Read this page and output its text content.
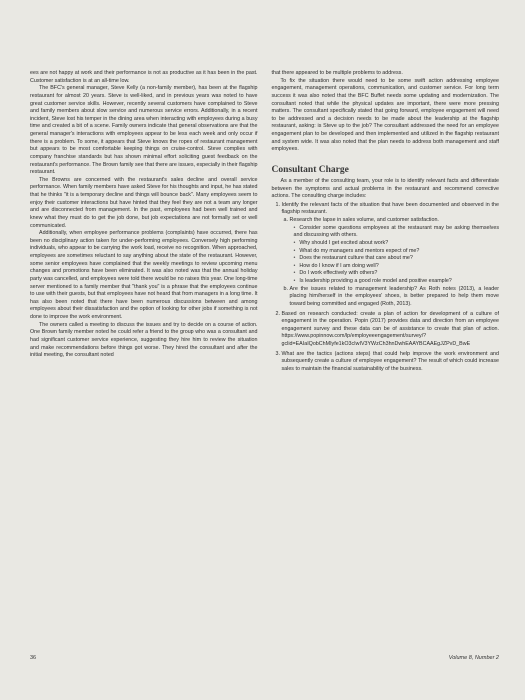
ees are not happy at work and their performance is not as productive as it has been in the past. Customer satisfaction is at an all-time low.

The BFC's general manager, Steve Kelly (a non-family member), has been at the flagship restaurant for almost 20 years. Steve is well-liked, and in previous years was noted to have great customer service skills. However, recently several customers have complained to Steve and family members about slow service and numerous service errors. Additionally, in a recent incident, Steve lost his temper in the dining area when interacting with employees during a busy time and created a bit of a scene. Family owners indicate that general observations are that the general manager's interactions with employees appear to be less each week and only occur if there is a problem. To some, it appears that Steve knows the ropes of restaurant management but appears to be most comfortable keeping things on cruise-control. Steve complies with company franchise standards but has shown minimal effort soliciting guest feedback on the restaurant's performance. The Brown family see that there are issues, especially in their flagship restaurant.

The Browns are concerned with the restaurant's sales decline and overall service performance. When family members have asked Steve for his thoughts and input, he has stated that he thinks "it is a temporary decline and things will bounce back". Many employees seem to enjoy their customer interactions but have hinted that they feel they are not a team any longer and are disconnected from management. In the past, employees had been well trained and knew what they must do to get the job done, but job expectations are not formally set or well communicated.

Additionally, when employee performance problems (complaints) have occurred, there has been no disciplinary action taken for under-performing employees. Conversely high performing individuals, who appear to be carrying the work load, receive no recognition. When approached, employees are sometimes reluctant to say anything about the state of the restaurant. However, some senior employees have complained that the weekly meetings to review upcoming menu changes and promotions have been eliminated. It was also noted was that the annual holiday party was cancelled, and employees were told there would be no raises this year. One long-time server mentioned to a family member that "thank you" is a phrase that the employees continue to use with their guests, but that employees have not heard that from managers in a long time. It has also been noted that there have been numerous discussions between and among employees about their dissatisfaction and the option of looking for other jobs if something is not done to improve the work environment.

The owners called a meeting to discuss the issues and try to decide on a course of action. One Brown family member noted he could refer a friend to the group who was a consultant and had significant customer service experience, suggesting they hire him to review the situation and make recommendations before things got worse. They hired the consultant and after the initial meeting, the consultant noted

that there appeared to be multiple problems to address.

To fix the situation there would need to be some swift action addressing employee engagement, management operations, communication, and customer service. For long term success it was also noted that the BFC Buffet needs some updating and modernization. The consultant noted that while the physical updates are important, there were more pressing matters. The consultant specifically stated that going forward, employee engagement will need to be addressed and a decision needs to be made about the leadership at the flagship restaurant, asking: is Steve up to the job? The consultant addressed the need for an employee engagement plan to be developed and then implemented and utilized in the flagship restaurant and system wide. It was also noted that the plan needs to address both management and staff employees.

Consultant Charge

As a member of the consulting team, your role is to identify relevant facts and differentiate between the symptoms and actual problems in the restaurant and recommend corrective actions. The consulting charge includes:

1. Identify the relevant facts of the situation that have been documented and observed in the flagship restaurant.
a. Research the lapse in sales volume, and customer satisfaction.
• Consider some questions employees at the restaurant may be asking themselves and discussing with others.
• Why should I get excited about work?
• What do my managers and mentors expect of me?
• Does the restaurant culture that care about me?
• How do I know if I am doing well?
• Do I work effectively with others?
• Is leadership providing a good role model and positive example?
b. Are the issues related to management leadership? As Roth notes (2013), a leader placing him/herself in the employees' shoes, is better prepared to help them move toward being committed and engaged (Roth, 2013).
2. Based on research conducted: create a plan of action for development of a culture of engagement in the operation. Popin (2017) provides data and direction from an employee engagement survey and these data can be of assistance to create that plan of action. https://www.popinnow.com/lp/employeeengagement/survey/?gclid=EAIaIQobChMIyfe1kO3cIwIV3YWzCh3hnDwhEAAYBCAAEgJZPvD_BwE
3. What are the tactics (actions steps) that could help improve the work environment and subsequently create a culture of employee engagement? The result of which could increase sales to maintain the financial sustainability of the business.
36	Volume 8, Number 2
